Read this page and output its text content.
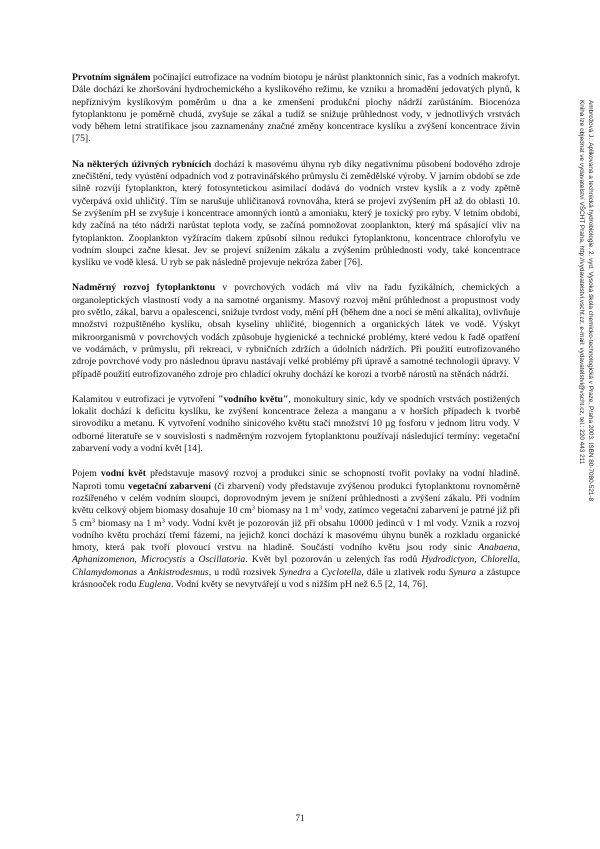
Prvotním signálem počínající eutrofizace na vodním biotopu je nárůst planktonních sinic, řas a vodních makrofyt. Dále dochází ke zhoršování hydrochemického a kyslíkového režimu, ke vzniku a hromadění jedovatých plynů, k nepříznivým kyslíkovým poměrům u dna a ke zmenšení produkční plochy nádrží zarůstáním. Biocenóza fytoplanktonu je poměrně chudá, zvyšuje se zákal a tudíž se snižuje průhlednost vody, v jednotlivých vrstvách vody během letní stratifikace jsou zaznamenány značné změny koncentrace kyslíku a zvýšení koncentrace živin [75].

Na některých úživných rybnících dochází k masovému úhynu ryb díky negativnímu působení bodového zdroje znečištění, tedy vyústění odpadních vod z potravinářského průmyslu či zemědělské výroby. V jarním období se zde silně rozvíjí fytoplankton, který fotosyntetickou asimilací dodává do vodních vrstev kyslík a z vody zpětně vyčerpává oxid uhličitý. Tím se narušuje uhličitanová rovnováha, která se projeví zvýšením pH až do oblasti 10. Se zvýšením pH se zvyšuje i koncentrace amonných iontů a amoniaku, který je toxický pro ryby. V letním období, kdy začíná na této nádrži narůstat teplota vody, se začíná pomnožovat zooplankton, který má spásající vliv na fytoplankton. Zooplankton vyžíracím tlakem způsobí silnou redukci fytoplanktonu, koncentrace chlorofylu ve vodním sloupci začne klesat. Jev se projeví snížením zákalu a zvýšením průhlednosti vody, také koncentrace kyslíku ve vodě klesá. U ryb se pak následně projevuje nekróza žaber [76].

Nadměrný rozvoj fytoplanktonu v povrchových vodách má vliv na řadu fyzikálních, chemických a organoleptických vlastností vody a na samotné organismy. Masový rozvoj mění průhlednost a propustnost vody pro světlo, zákal, barvu a opalescenci, snižuje tvrdost vody, mění pH (během dne a noci se mění alkalita), ovlivňuje množství rozpuštěného kyslíku, obsah kyseliny uhličité, biogenních a organických látek ve vodě. Výskyt mikroorganismů v povrchových vodách způsobuje hygienické a technické problémy, které vedou k řadě opatření ve vodárnách, v průmyslu, při rekreaci, v rybničních zdržích a údolních nádržích. Při použití eutrofizovaného zdroje povrchové vody pro následnou úpravu nastávají velké problémy při úpravě a samotné technologii úpravy. V případě použití eutrofizovaného zdroje pro chladící okruhy dochází ke korozi a tvorbě nárostů na stěnách nádrží.

Kalamitou v eutrofizaci je vytvoření "vodního květu", monokultury sinic, kdy ve spodních vrstvách postižených lokalit dochází k deficitu kyslíku, ke zvýšení koncentrace železa a manganu a v horších případech k tvorbě sirovodíku a metanu. K vytvoření vodního sinicového květu stačí množství 10 µg fosforu v jednom litru vody. V odborné literatuře se v souvislosti s nadměrným rozvojem fytoplanktonu používají následující termíny: vegetační zabarvení vody a vodní květ [14].

Pojem vodní květ představuje masový rozvoj a produkci sinic se schopností tvořit povlaky na vodní hladině. Naproti tomu vegetační zabarvení (či zbarvení) vody představuje zvýšenou produkci fytoplanktonu rovnoměrně rozšířeného v celém vodním sloupci, doprovodným jevem je snížení průhlednosti a zvýšení zákalu. Při vodním květu celkový objem biomasy dosahuje 10 $cm^3$ biomasy na 1 $m^3$ vody, zatímco vegetační zabarvení je patrné již při 5 $cm^3$ biomasy na 1 $m^3$ vody. Vodní květ je pozorován již při obsahu 10000 jedinců v 1 ml vody. Vznik a rozvoj vodního květu prochází třemi fázemi, na jejichž konci dochází k masovému úhynu buněk a rozkladu organické hmoty, která pak tvoří plovoucí vrstvu na hladině. Součástí vodního květu jsou rody sinic Anabaena, Aphanizomenon, Microcystis a Oscillatoria. Květ byl pozorován u zelených řas rodů Hydrodictyon, Chlorella, Chlamydomonas a Ankistrodesmus, u rodů rozsivek Synedra a Cyclotella, dále u zlativek rodu Synura a zástupce krásnooček rodu Euglena. Vodní květy se nevytvářejí u vod s nižším pH než 6.5 [2, 14, 76].

Ambrožová J.: Aplikovaná a technická hydrobiologie. 2. vyd. Vysoká škola chemicko-technologická v Praze, Praha 2003. ISBN 80-7080-521-8
Kniha lze objednat ve vydavatelství VŠCHT Praha, http://vydavatelstvi.vscht.cz, e-mail: vydavatelstvi@vscht.cz, tel.: 220 443 211
71
